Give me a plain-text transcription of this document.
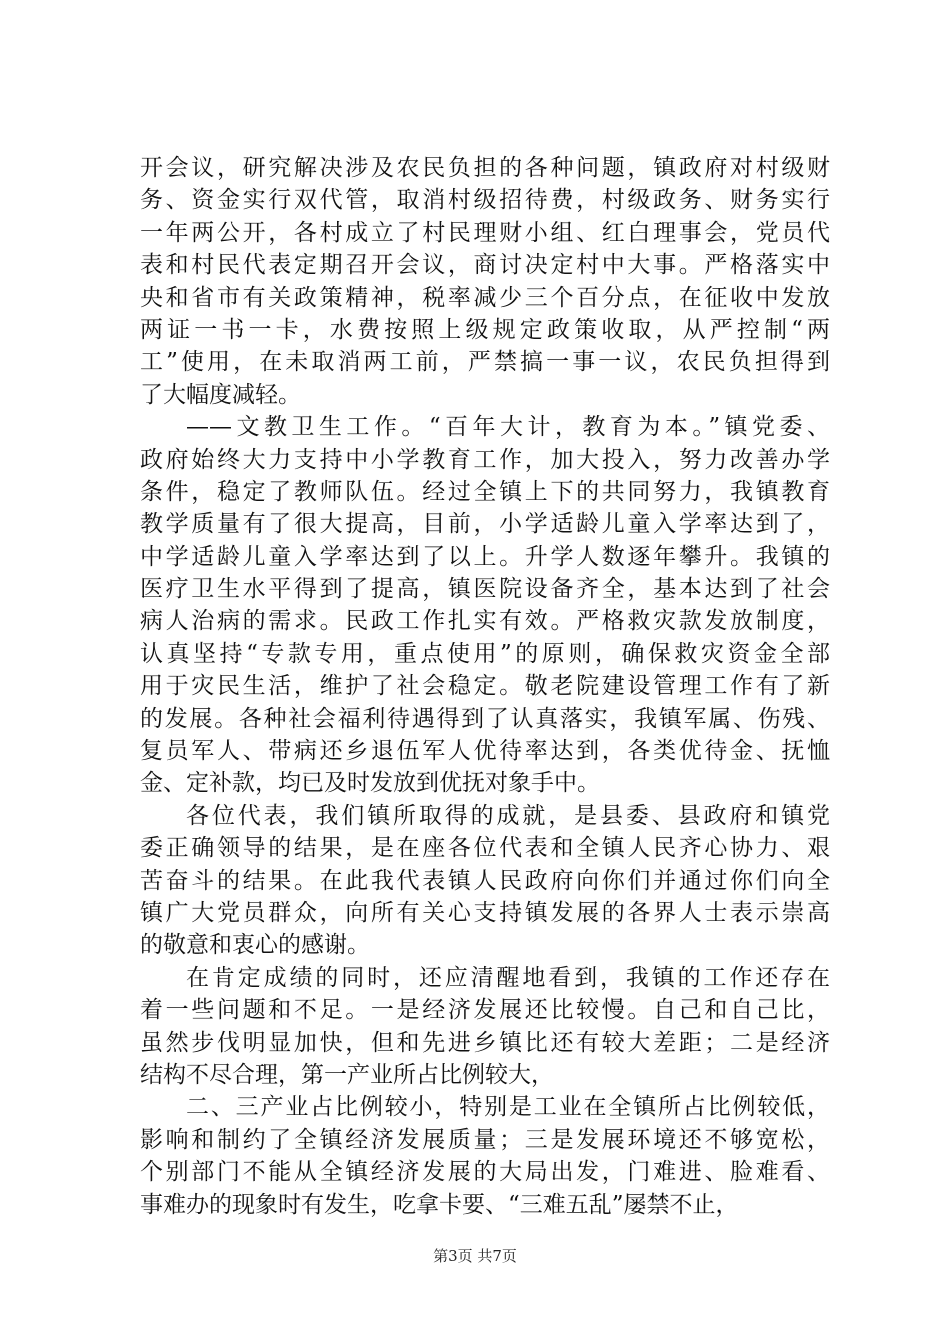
开会议，研究解决涉及农民负担的各种问题，镇政府对村级财
务、资金实行双代管，取消村级招待费，村级政务、财务实行
一年两公开，各村成立了村民理财小组、红白理事会，党员代
表和村民代表定期召开会议，商讨决定村中大事。严格落实中
央和省市有关政策精神，税率减少三个百分点，在征收中发放
两证一书一卡，水费按照上级规定政策收取，从严控制“两
工”使用，在未取消两工前，严禁搞一事一议，农民负担得到
了大幅度减轻。
——文教卫生工作。“百年大计，教育为本。”镇党委、
政府始终大力支持中小学教育工作，加大投入，努力改善办学
条件，稳定了教师队伍。经过全镇上下的共同努力，我镇教育
教学质量有了很大提高，目前，小学适龄儿童入学率达到了，
中学适龄儿童入学率达到了以上。升学人数逐年攀升。我镇的
医疗卫生水平得到了提高，镇医院设备齐全，基本达到了社会
病人治病的需求。民政工作扎实有效。严格救灾款发放制度，
认真坚持“专款专用，重点使用”的原则，确保救灾资金全部
用于灾民生活，维护了社会稳定。敬老院建设管理工作有了新
的发展。各种社会福利待遇得到了认真落实，我镇军属、伤残、
复员军人、带病还乡退伍军人优待率达到，各类优待金、抚恤
金、定补款，均已及时发放到优抚对象手中。
各位代表，我们镇所取得的成就，是县委、县政府和镇党
委正确领导的结果，是在座各位代表和全镇人民齐心协力、艰
苦奋斗的结果。在此我代表镇人民政府向你们并通过你们向全
镇广大党员群众，向所有关心支持镇发展的各界人士表示崇高
的敬意和衷心的感谢。
在肯定成绩的同时，还应清醒地看到，我镇的工作还存在
着一些问题和不足。一是经济发展还比较慢。自己和自己比，
虽然步伐明显加快，但和先进乡镇比还有较大差距；二是经济
结构不尽合理，第一产业所占比例较大，
二、三产业占比例较小，特别是工业在全镇所占比例较低，
影响和制约了全镇经济发展质量；三是发展环境还不够宽松，
个别部门不能从全镇经济发展的大局出发，门难进、脸难看、
事难办的现象时有发生，吃拿卡要、“三难五乱”屡禁不止，
第3页 共7页
